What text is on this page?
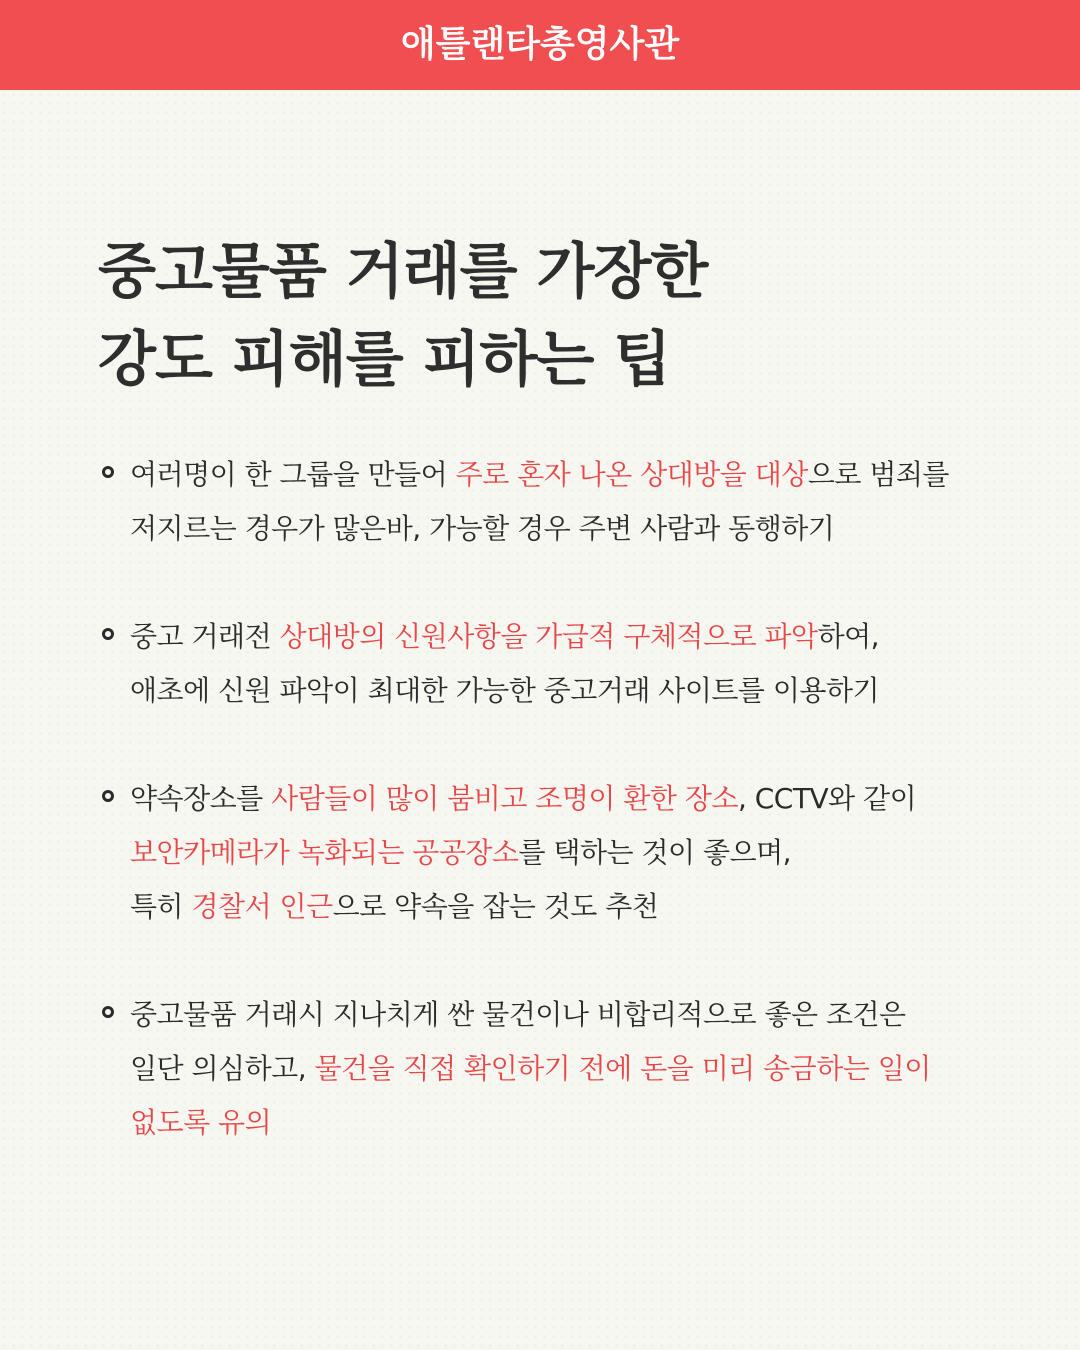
애틀랜타총영사관
중고물품 거래를 가장한
강도 피해를 피하는 팁
여러명이 한 그룹을 만들어 주로 혼자 나온 상대방을 대상으로 범죄를
저지르는 경우가 많은바, 가능할 경우 주변 사람과 동행하기
중고 거래전 상대방의 신원사항을 가급적 구체적으로 파악하여,
애초에 신원 파악이 최대한 가능한 중고거래 사이트를 이용하기
약속장소를 사람들이 많이 붐비고 조명이 환한 장소, CCTV와 같이
보안카메라가 녹화되는 공공장소를 택하는 것이 좋으며,
특히 경찰서 인근으로 약속을 잡는 것도 추천
중고물품 거래시 지나치게 싼 물건이나 비합리적으로 좋은 조건은
일단 의심하고, 물건을 직접 확인하기 전에 돈을 미리 송금하는 일이
없도록 유의
